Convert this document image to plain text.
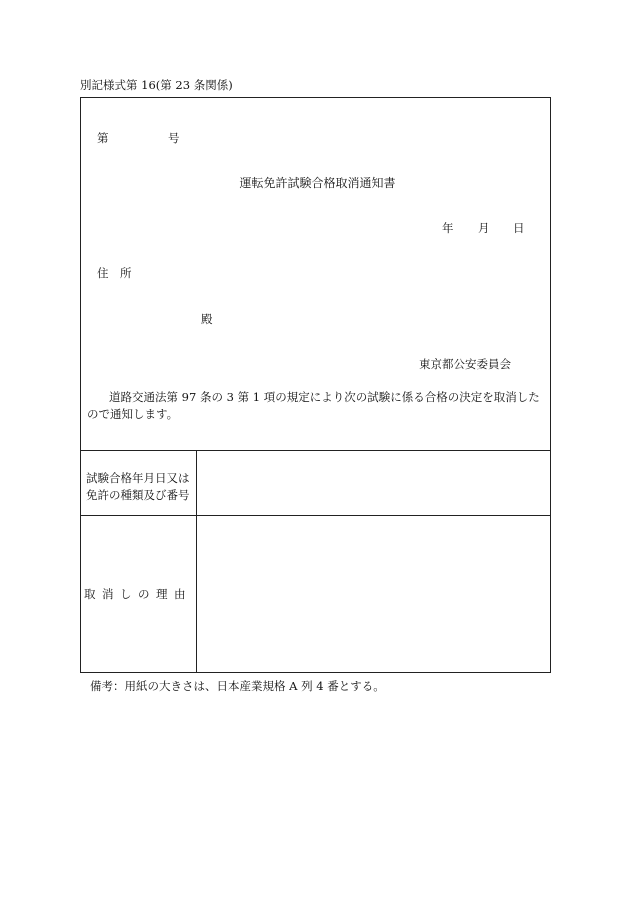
別記様式第 16(第 23 条関係)
第	号
運転免許試験合格取消通知書
年 月 日
住 所
殿
東京都公安委員会
道路交通法第 97 条の 3 第 1 項の規定により次の試験に係る合格の決定を取消したので通知します。
試験合格年月日又は
免許の種類及び番号
取消しの理由
備考：用紙の大きさは、日本産業規格 A 列 4 番とする。
